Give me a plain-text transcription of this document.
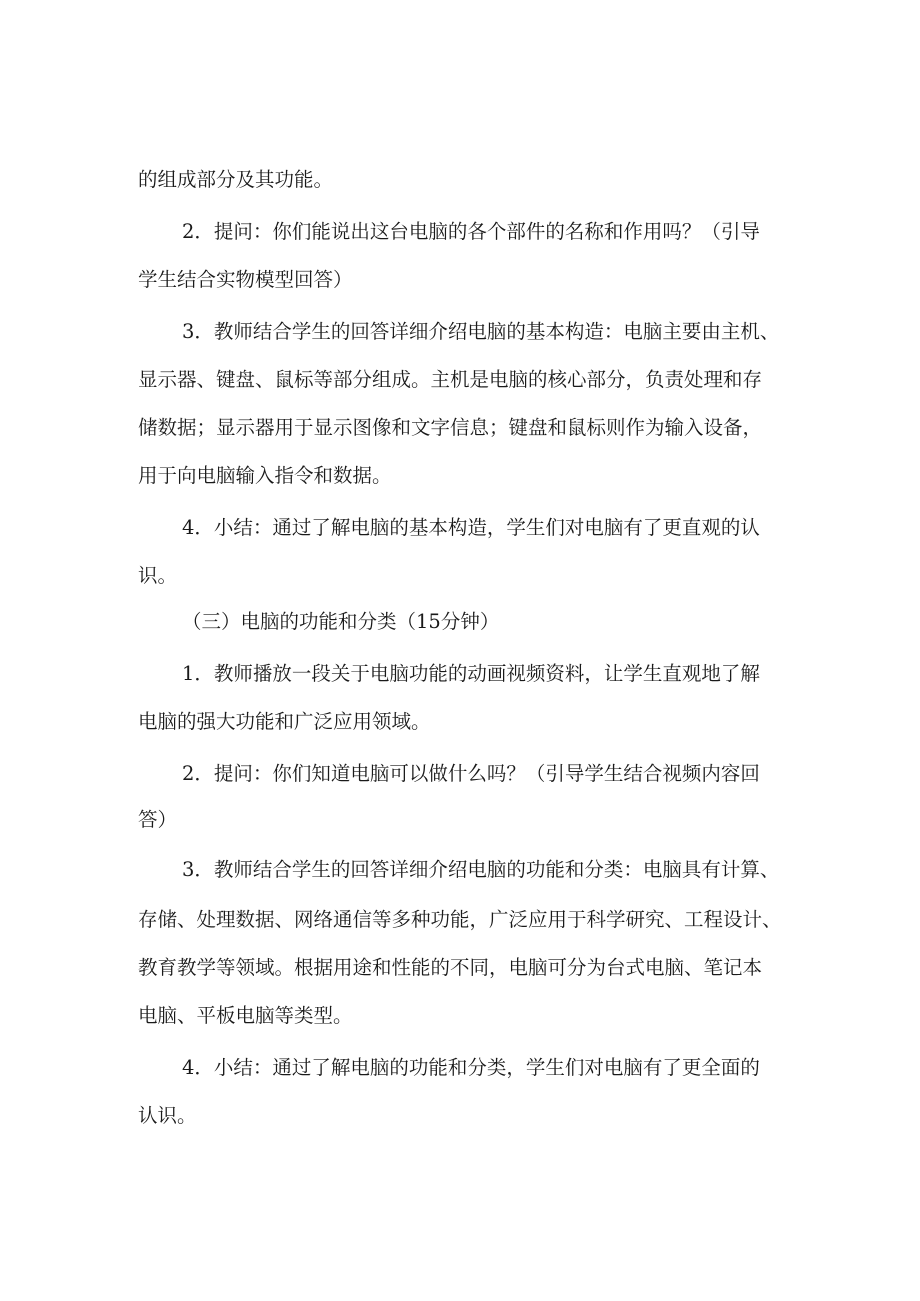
的组成部分及其功能。
2．提问：你们能说出这台电脑的各个部件的名称和作用吗？（引导
学生结合实物模型回答）
3．教师结合学生的回答详细介绍电脑的基本构造：电脑主要由主机、
显示器、键盘、鼠标等部分组成。主机是电脑的核心部分，负责处理和存
储数据；显示器用于显示图像和文字信息；键盘和鼠标则作为输入设备，
用于向电脑输入指令和数据。
4．小结：通过了解电脑的基本构造，学生们对电脑有了更直观的认
识。
（三）电脑的功能和分类（15分钟）
1．教师播放一段关于电脑功能的动画视频资料，让学生直观地了解
电脑的强大功能和广泛应用领域。
2．提问：你们知道电脑可以做什么吗？（引导学生结合视频内容回
答）
3．教师结合学生的回答详细介绍电脑的功能和分类：电脑具有计算、
存储、处理数据、网络通信等多种功能，广泛应用于科学研究、工程设计、
教育教学等领域。根据用途和性能的不同，电脑可分为台式电脑、笔记本
电脑、平板电脑等类型。
4．小结：通过了解电脑的功能和分类，学生们对电脑有了更全面的
认识。
